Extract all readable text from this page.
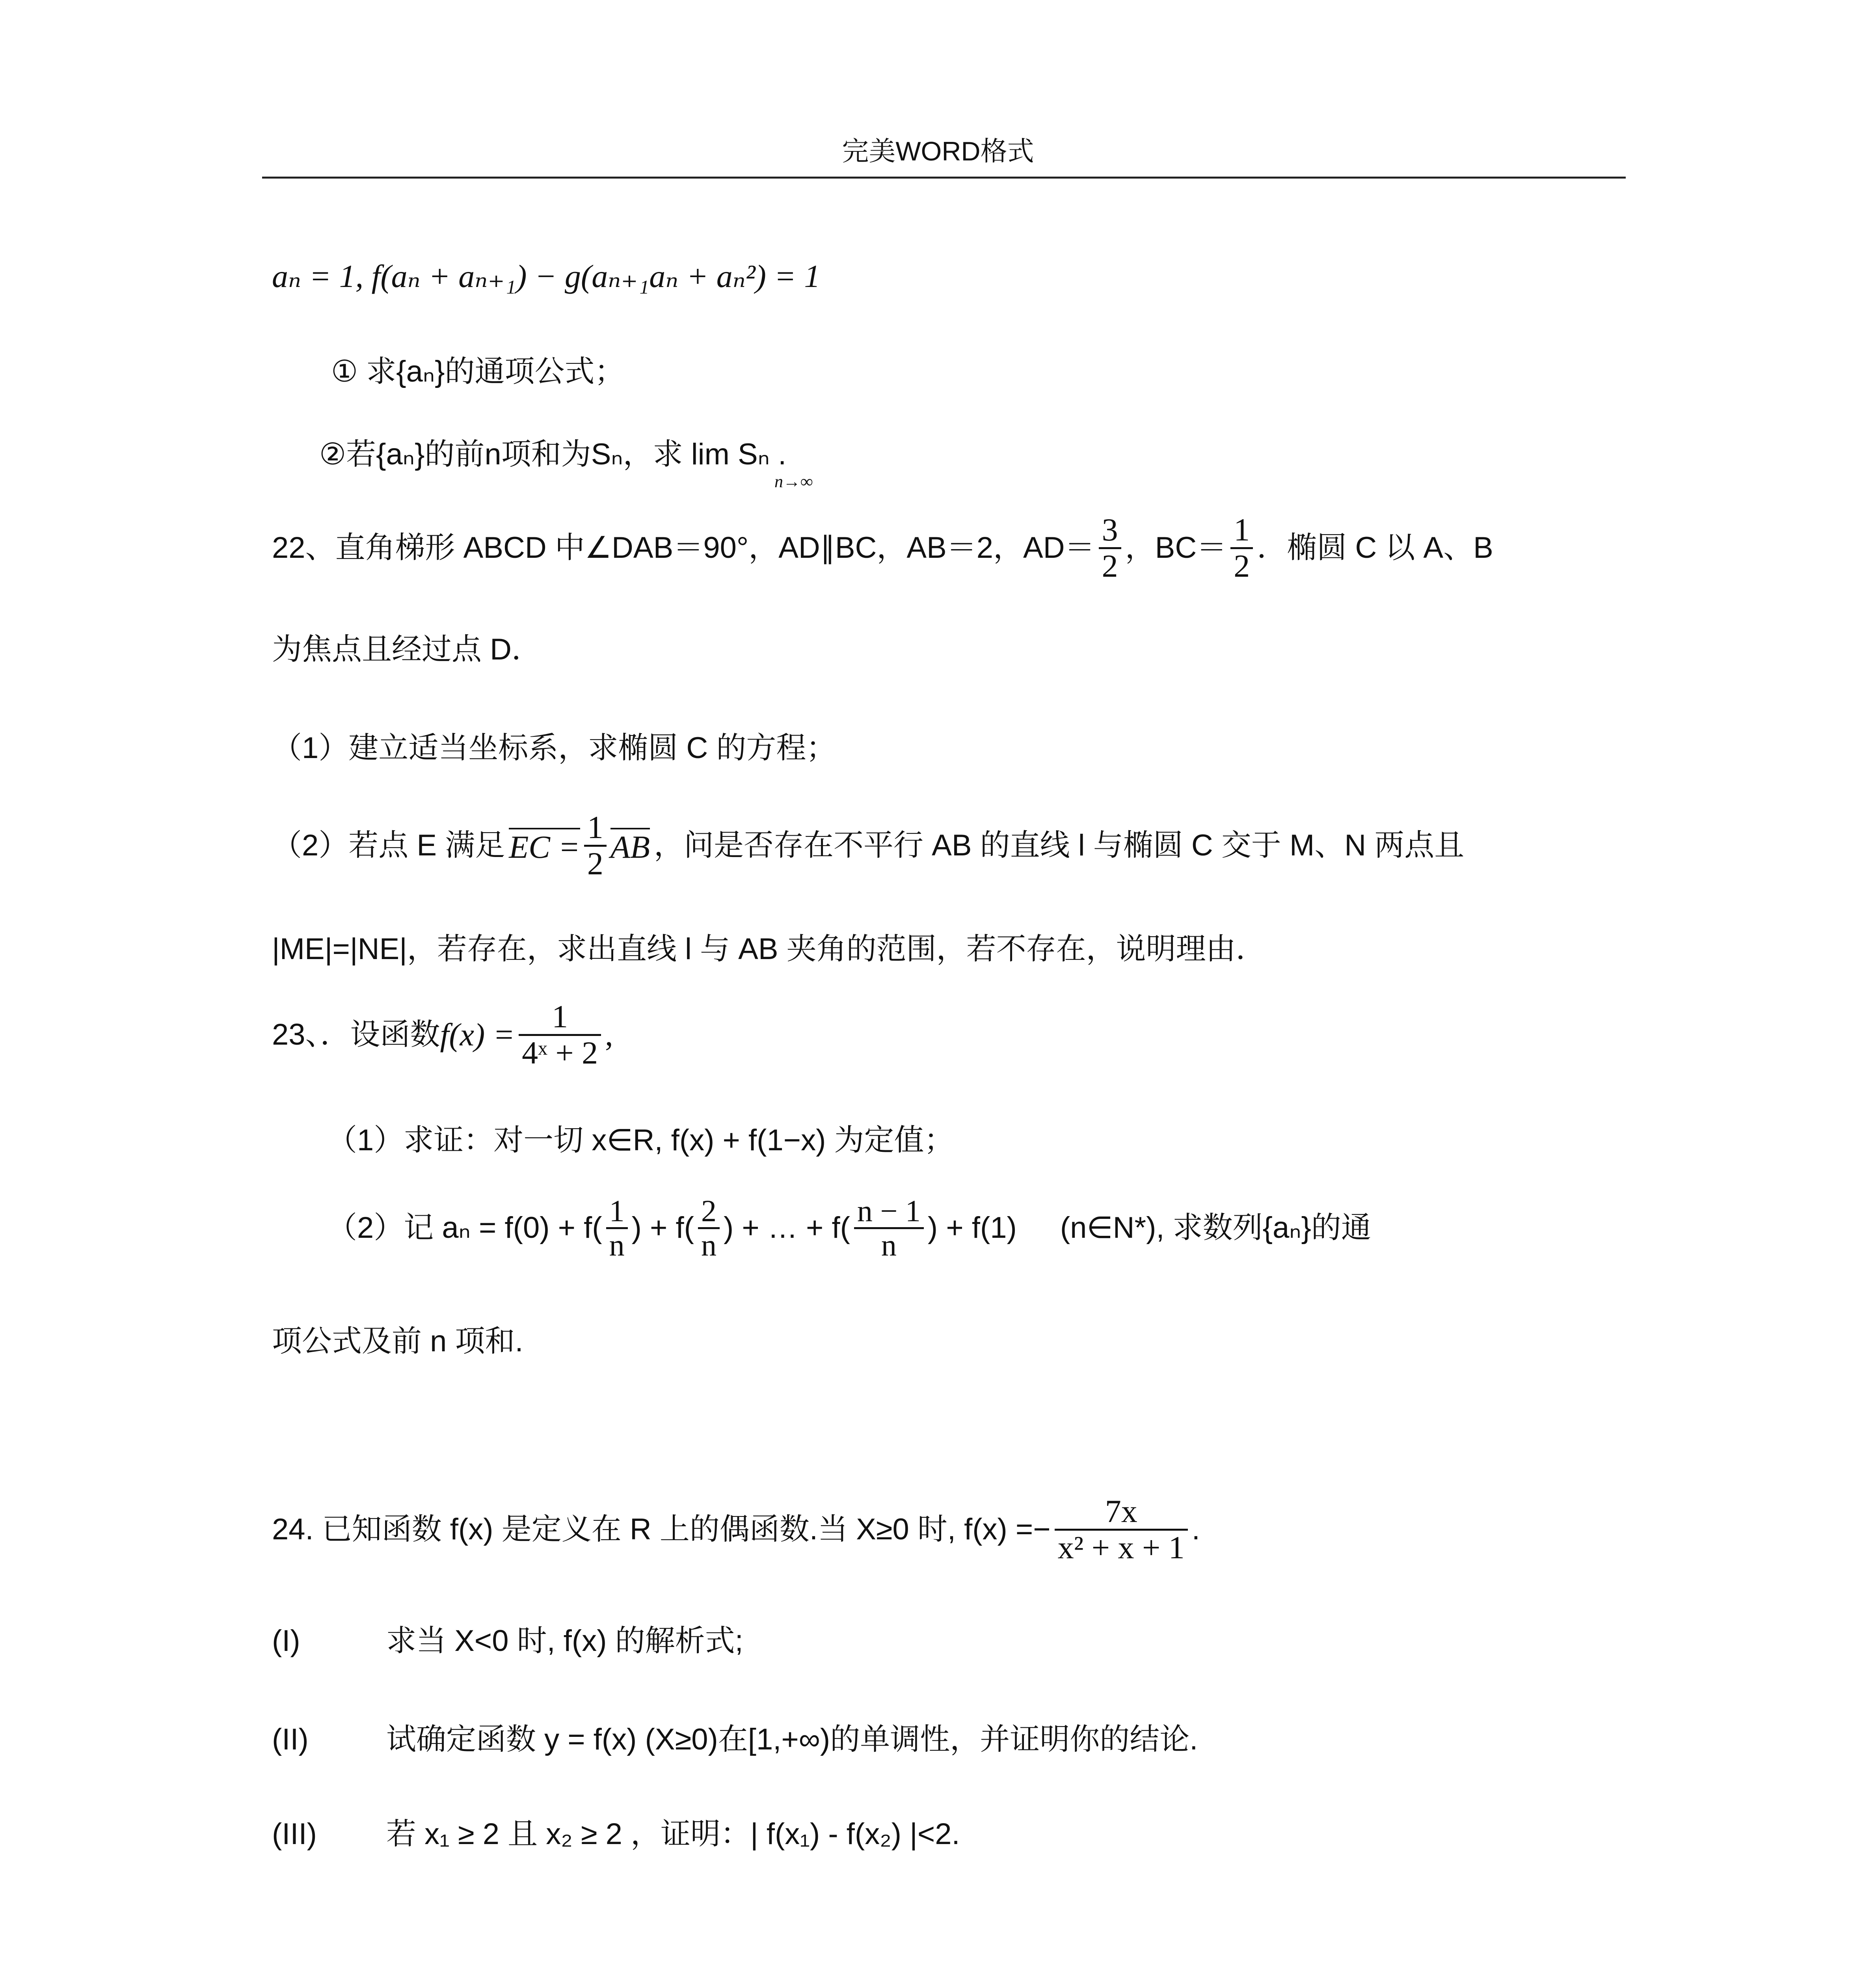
完美WORD格式
aₙ = 1, f(aₙ + aₙ₊₁) − g(aₙ₊₁aₙ + aₙ²) = 1
① 求{aₙ}的通项公式；
②若{aₙ}的前n项和为Sₙ，求 lim Sₙ .
n→∞
22、直角梯形 ABCD 中∠DAB＝90°，AD∥BC，AB＝2，$AD= \frac{3}{2}$ ，$BC= \frac{1}{2}$ ．椭圆 C 以 A、B
为焦点且经过点 D．
（1）建立适当坐标系，求椭圆 C 的方程；
（2）若点 E 满足 EC = $\frac{1}{2}$ AB ，问是否存在不平行 AB 的直线 l 与椭圆 C 交于 M、N 两点且
|ME|=|NE|，若存在，求出直线 l 与 AB 夹角的范围，若不存在，说明理由．
23、．设函数 $f(x) = \frac{1}{\text{4ˣ + 2}}$ ,
（1）求证：对一切 x∈R, f(x) + f(1−x) 为定值；
（2）记 $a_n = f(0) + f( \frac{1}{n}$ ) + $f( \frac{2}{n}$ ) + … + $f( \frac{n - 1}{n}$ ) + f(1) (n∈N*), 求数列{aₙ}的通
项公式及前 n 项和.
24. 已知函数 f(x) 是定义在 R 上的偶函数.当 X≥0 时, $f(x) =- \frac{7x}{\text{x² + x + 1}}$ .
(I)	求当 X<0 时, f(x) 的解析式;
(II)	试确定函数 y = f(x) (X≥0)在[1,+∞)的单调性，并证明你的结论.
(III) 若 x₁ ≥ 2 且 x₂ ≥ 2 ，证明：| f(x₁) - f(x₂) |<2.
